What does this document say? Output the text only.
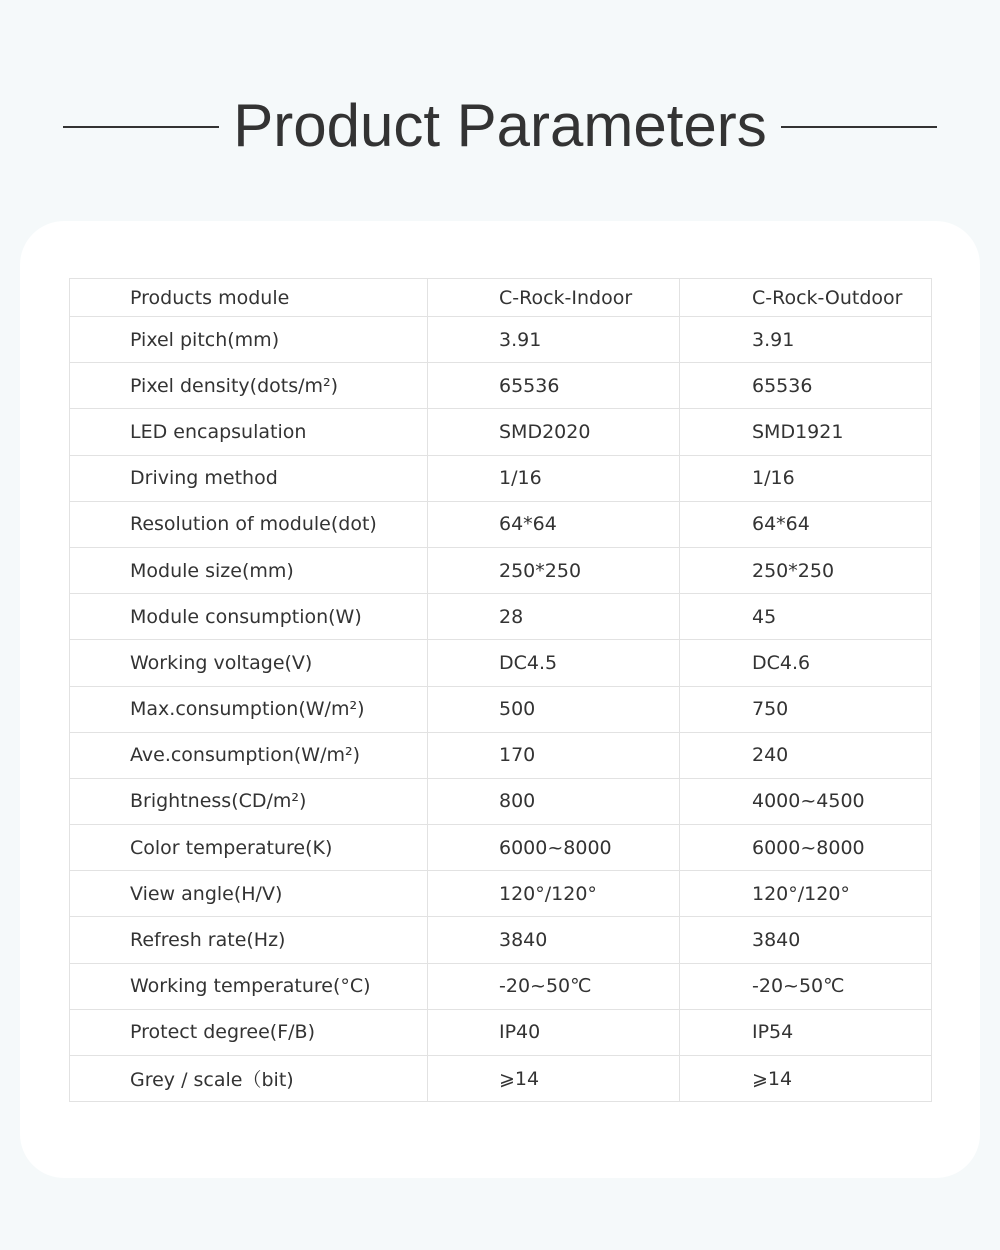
Product Parameters
Products module	C-Rock-Indoor	C-Rock-Outdoor
Pixel pitch(mm)	3.91	3.91
Pixel density(dots/m²)	65536	65536
LED encapsulation	SMD2020	SMD1921
Driving method	1/16	1/16
Resolution of module(dot)	64*64	64*64
Module size(mm)	250*250	250*250
Module consumption(W)	28	45
Working voltage(V)	DC4.5	DC4.6
Max.consumption(W/m²)	500	750
Ave.consumption(W/m²)	170	240
Brightness(CD/m²)	800	4000~4500
Color temperature(K)	6000~8000	6000~8000
View angle(H/V)	120°/120°	120°/120°
Refresh rate(Hz)	3840	3840
Working temperature(°C)	-20~50℃	-20~50℃
Protect degree(F/B)	IP40	IP54
Grey / scale（bit)	⩾14	⩾14
